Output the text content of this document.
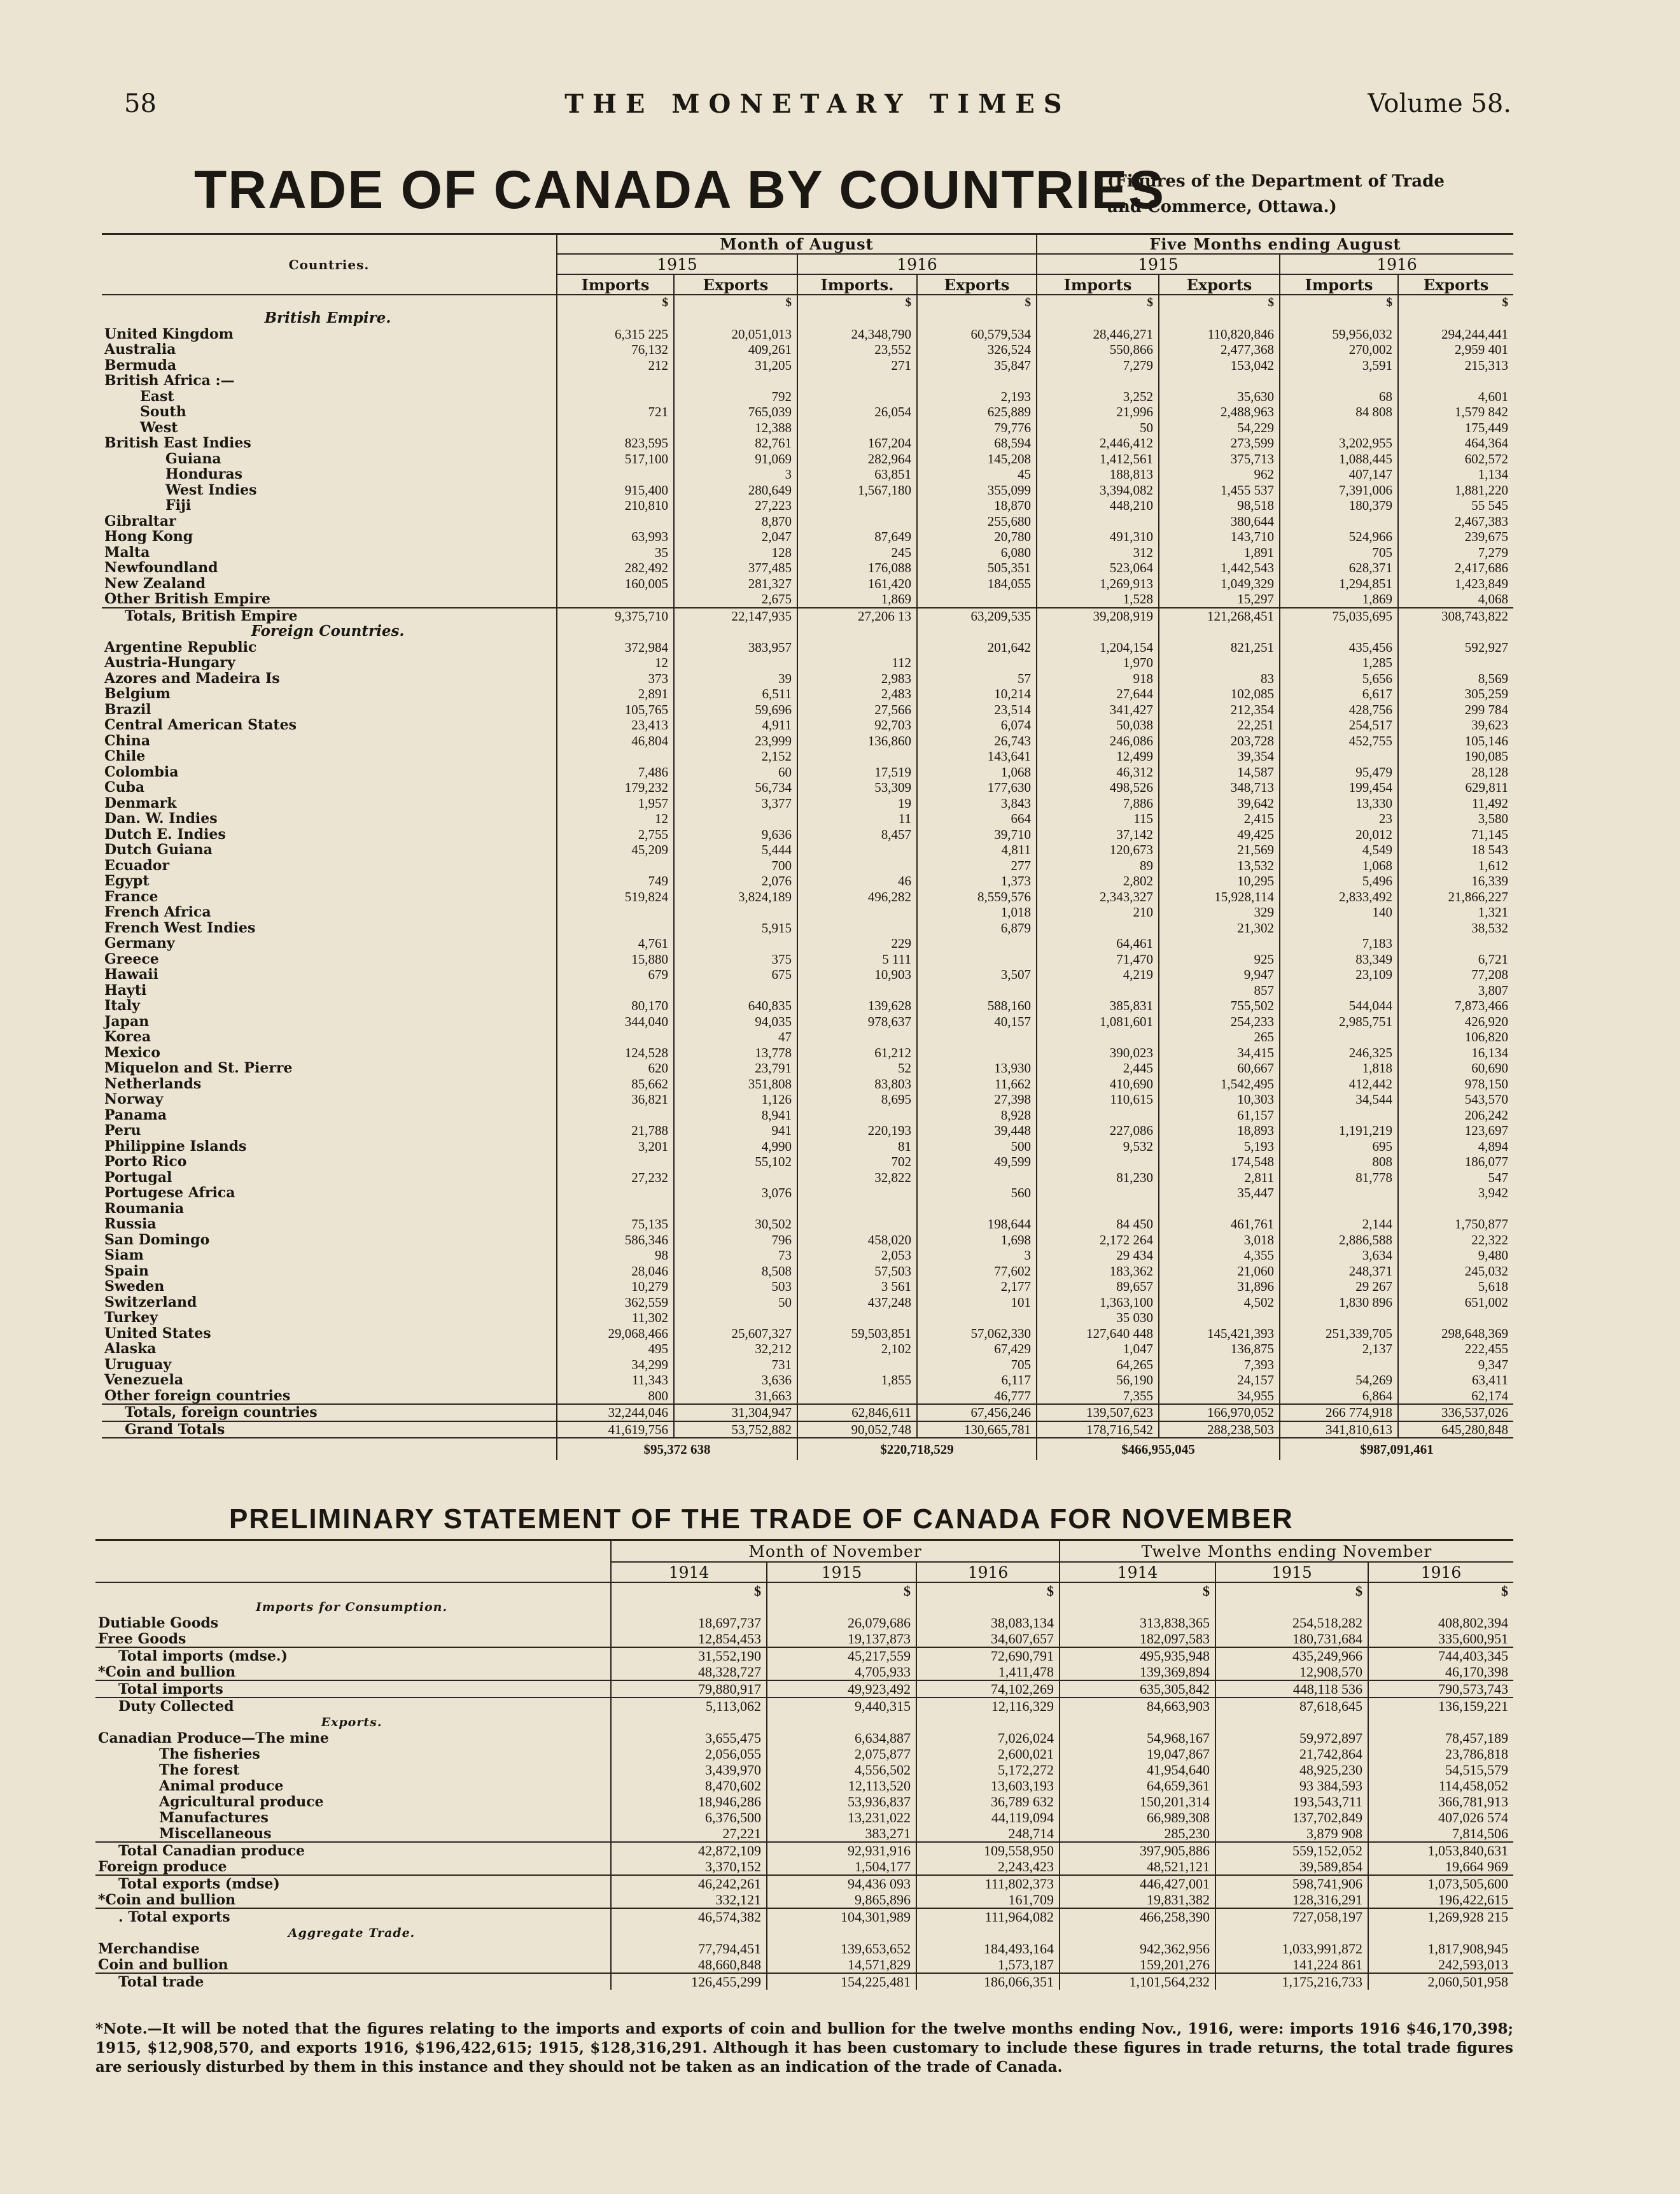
58	THE MONETARY TIMES	Volume 58.
TRADE OF CANADA BY COUNTRIES
(Figures of the Department of Trade and Commerce, Ottawa.)
Countries.	Month of August				Five Months ending August			
	1915		1916		1915		1916	
	Imports	Exports	Imports.	Exports	Imports	Exports	Imports	Exports
	$	$	$	$	$	$	$	$
British Empire.								
United Kingdom	6,315 225	20,051,013	24,348,790	60,579,534	28,446,271	110,820,846	59,956,032	294,244,441
Australia	76,132	409,261	23,552	326,524	550,866	2,477,368	270,002	2,959 401
Bermuda	212	31,205	271	35,847	7,279	153,042	3,591	215,313
British Africa :—								
East		792		2,193	3,252	35,630	68	4,601
South	721	765,039	26,054	625,889	21,996	2,488,963	84 808	1,579 842
West		12,388		79,776	50	54,229		175,449
British East Indies	823,595	82,761	167,204	68,594	2,446,412	273,599	3,202,955	464,364
Guiana	517,100	91,069	282,964	145,208	1,412,561	375,713	1,088,445	602,572
Honduras		3	63,851	45	188,813	962	407,147	1,134
West Indies	915,400	280,649	1,567,180	355,099	3,394,082	1,455 537	7,391,006	1,881,220
Fiji	210,810	27,223		18,870	448,210	98,518	180,379	55 545
Gibraltar		8,870		255,680		380,644		2,467,383
Hong Kong	63,993	2,047	87,649	20,780	491,310	143,710	524,966	239,675
Malta	35	128	245	6,080	312	1,891	705	7,279
Newfoundland	282,492	377,485	176,088	505,351	523,064	1,442,543	628,371	2,417,686
New Zealand	160,005	281,327	161,420	184,055	1,269,913	1,049,329	1,294,851	1,423,849
Other British Empire		2,675	1,869		1,528	15,297	1,869	4,068
Totals, British Empire	9,375,710	22,147,935	27,206 13	63,209,535	39,208,919	121,268,451	75,035,695	308,743,822
Foreign Countries.								
Argentine Republic	372,984	383,957		201,642	1,204,154	821,251	435,456	592,927
Austria-Hungary	12		112		1,970		1,285	
Azores and Madeira Is	373	39	2,983	57	918	83	5,656	8,569
Belgium	2,891	6,511	2,483	10,214	27,644	102,085	6,617	305,259
Brazil	105,765	59,696	27,566	23,514	341,427	212,354	428,756	299 784
Central American States	23,413	4,911	92,703	6,074	50,038	22,251	254,517	39,623
China	46,804	23,999	136,860	26,743	246,086	203,728	452,755	105,146
Chile		2,152		143,641	12,499	39,354		190,085
Colombia	7,486	60	17,519	1,068	46,312	14,587	95,479	28,128
Cuba	179,232	56,734	53,309	177,630	498,526	348,713	199,454	629,811
Denmark	1,957	3,377	19	3,843	7,886	39,642	13,330	11,492
Dan. W. Indies	12		11	664	115	2,415	23	3,580
Dutch E. Indies	2,755	9,636	8,457	39,710	37,142	49,425	20,012	71,145
Dutch Guiana	45,209	5,444		4,811	120,673	21,569	4,549	18 543
Ecuador		700		277	89	13,532	1,068	1,612
Egypt	749	2,076	46	1,373	2,802	10,295	5,496	16,339
France	519,824	3,824,189	496,282	8,559,576	2,343,327	15,928,114	2,833,492	21,866,227
French Africa				1,018	210	329	140	1,321
French West Indies		5,915		6,879		21,302		38,532
Germany	4,761		229		64,461		7,183	
Greece	15,880	375	5 111		71,470	925	83,349	6,721
Hawaii	679	675	10,903	3,507	4,219	9,947	23,109	77,208
Hayti						857		3,807
Italy	80,170	640,835	139,628	588,160	385,831	755,502	544,044	7,873,466
Japan	344,040	94,035	978,637	40,157	1,081,601	254,233	2,985,751	426,920
Korea		47				265		106,820
Mexico	124,528	13,778	61,212		390,023	34,415	246,325	16,134
Miquelon and St. Pierre	620	23,791	52	13,930	2,445	60,667	1,818	60,690
Netherlands	85,662	351,808	83,803	11,662	410,690	1,542,495	412,442	978,150
Norway	36,821	1,126	8,695	27,398	110,615	10,303	34,544	543,570
Panama		8,941		8,928		61,157		206,242
Peru	21,788	941	220,193	39,448	227,086	18,893	1,191,219	123,697
Philippine Islands	3,201	4,990	81	500	9,532	5,193	695	4,894
Porto Rico		55,102	702	49,599		174,548	808	186,077
Portugal	27,232		32,822		81,230	2,811	81,778	547
Portugese Africa		3,076		560		35,447		3,942
Roumania								
Russia	75,135	30,502		198,644	84 450	461,761	2,144	1,750,877
San Domingo	586,346	796	458,020	1,698	2,172 264	3,018	2,886,588	22,322
Siam	98	73	2,053	3	29 434	4,355	3,634	9,480
Spain	28,046	8,508	57,503	77,602	183,362	21,060	248,371	245,032
Sweden	10,279	503	3 561	2,177	89,657	31,896	29 267	5,618
Switzerland	362,559	50	437,248	101	1,363,100	4,502	1,830 896	651,002
Turkey	11,302				35 030			
United States	29,068,466	25,607,327	59,503,851	57,062,330	127,640 448	145,421,393	251,339,705	298,648,369
Alaska	495	32,212	2,102	67,429	1,047	136,875	2,137	222,455
Uruguay	34,299	731		705	64,265	7,393		9,347
Venezuela	11,343	3,636	1,855	6,117	56,190	24,157	54,269	63,411
Other foreign countries	800	31,663		46,777	7,355	34,955	6,864	62,174
Totals, foreign countries	32,244,046	31,304,947	62,846,611	67,456,246	139,507,623	166,970,052	266 774,918	336,537,026
Grand Totals	41,619,756	53,752,882	90,052,748	130,665,781	178,716,542	288,238,503	341,810,613	645,280,848
	$95,372 638		$220,718,529		$466,955,045		$987,091,461	
PRELIMINARY STATEMENT OF THE TRADE OF CANADA FOR NOVEMBER
	Month of November			Twelve Months ending November		
	1914	1915	1916	1914	1915	1916
	$	$	$	$	$	$
Imports for Consumption.						
Dutiable Goods	18,697,737	26,079,686	38,083,134	313,838,365	254,518,282	408,802,394
Free Goods	12,854,453	19,137,873	34,607,657	182,097,583	180,731,684	335,600,951
Total imports (mdse.)	31,552,190	45,217,559	72,690,791	495,935,948	435,249,966	744,403,345
*Coin and bullion	48,328,727	4,705,933	1,411,478	139,369,894	12,908,570	46,170,398
Total imports	79,880,917	49,923,492	74,102,269	635,305,842	448,118 536	790,573,743
Duty Collected	5,113,062	9,440,315	12,116,329	84,663,903	87,618,645	136,159,221
Exports.						
Canadian Produce—The mine	3,655,475	6,634,887	7,026,024	54,968,167	59,972,897	78,457,189
The fisheries	2,056,055	2,075,877	2,600,021	19,047,867	21,742,864	23,786,818
The forest	3,439,970	4,556,502	5,172,272	41,954,640	48,925,230	54,515,579
Animal produce	8,470,602	12,113,520	13,603,193	64,659,361	93 384,593	114,458,052
Agricultural produce	18,946,286	53,936,837	36,789 632	150,201,314	193,543,711	366,781,913
Manufactures	6,376,500	13,231,022	44,119,094	66,989,308	137,702,849	407,026 574
Miscellaneous	27,221	383,271	248,714	285,230	3,879 908	7,814,506
Total Canadian produce	42,872,109	92,931,916	109,558,950	397,905,886	559,152,052	1,053,840,631
Foreign produce	3,370,152	1,504,177	2,243,423	48,521,121	39,589,854	19,664 969
Total exports (mdse)	46,242,261	94,436 093	111,802,373	446,427,001	598,741,906	1,073,505,600
*Coin and bullion	332,121	9,865,896	161,709	19,831,382	128,316,291	196,422,615
. Total exports	46,574,382	104,301,989	111,964,082	466,258,390	727,058,197	1,269,928 215
Aggregate Trade.						
Merchandise	77,794,451	139,653,652	184,493,164	942,362,956	1,033,991,872	1,817,908,945
Coin and bullion	48,660,848	14,571,829	1,573,187	159,201,276	141,224 861	242,593,013
Total trade	126,455,299	154,225,481	186,066,351	1,101,564,232	1,175,216,733	2,060,501,958
*Note.—It will be noted that the figures relating to the imports and exports of coin and bullion for the twelve months ending Nov., 1916, were: imports 1916 $46,170,398; 1915, $12,908,570, and exports 1916, $196,422,615; 1915, $128,316,291. Although it has been customary to include these figures in trade returns, the total trade figures are seriously disturbed by them in this instance and they should not be taken as an indication of the trade of Canada.
